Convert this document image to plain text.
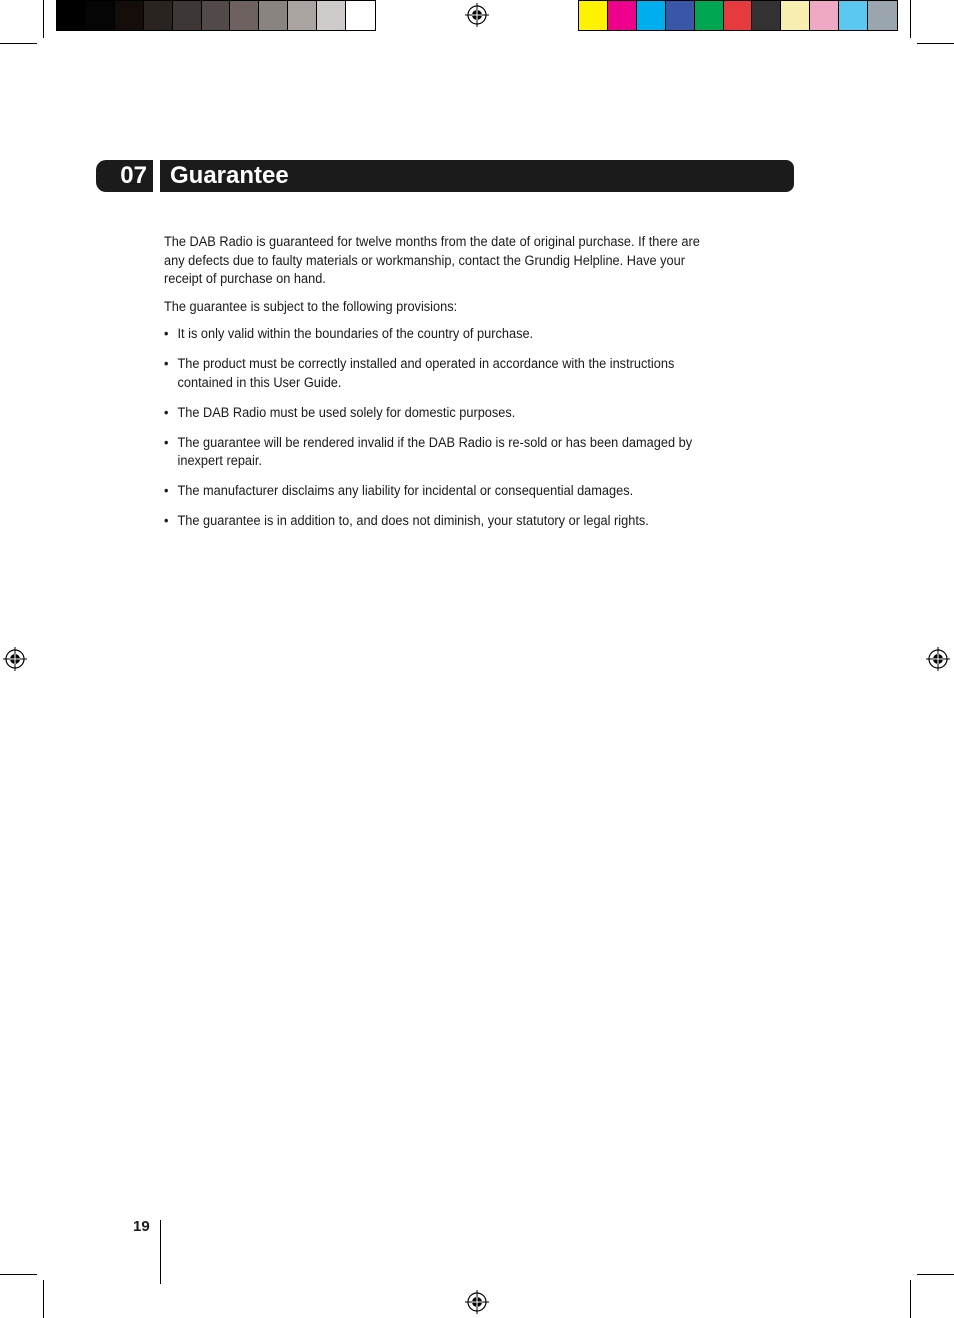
07 Guarantee

The DAB Radio is guaranteed for twelve months from the date of original purchase. If there are any defects due to faulty materials or workmanship, contact the Grundig Helpline. Have your receipt of purchase on hand.

The guarantee is subject to the following provisions:

• It is only valid within the boundaries of the country of purchase.
• The product must be correctly installed and operated in accordance with the instructions contained in this User Guide.
• The DAB Radio must be used solely for domestic purposes.
• The guarantee will be rendered invalid if the DAB Radio is re-sold or has been damaged by inexpert repair.
• The manufacturer disclaims any liability for incidental or consequential damages.
• The guarantee is in addition to, and does not diminish, your statutory or legal rights.
19
